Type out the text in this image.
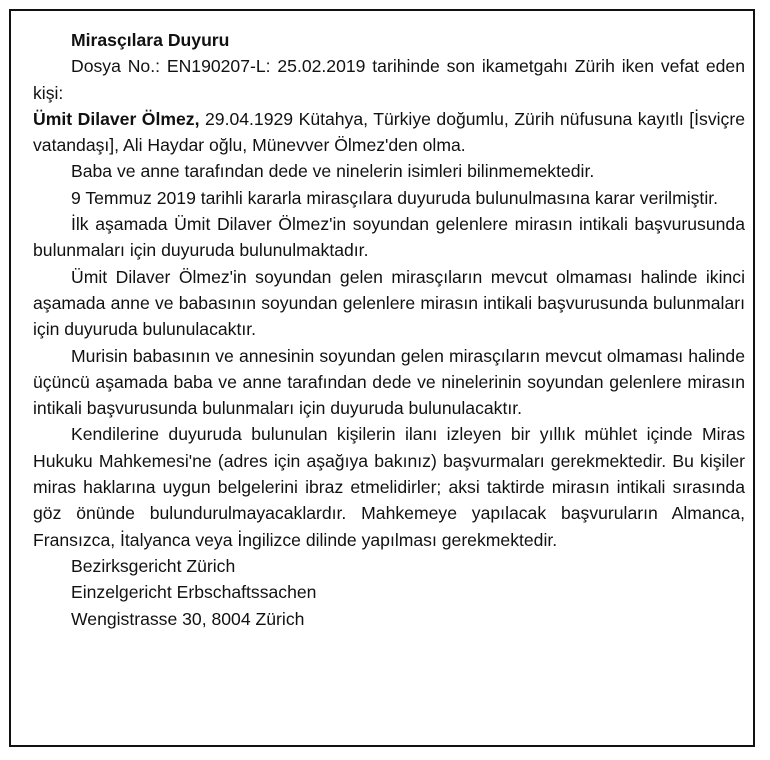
Mirasçılara Duyuru

Dosya No.: EN190207-L: 25.02.2019 tarihinde son ikametgahı Zürih iken vefat eden kişi:

Ümit Dilaver Ölmez, 29.04.1929 Kütahya, Türkiye doğumlu, Zürih nüfusuna kayıtlı [İsviçre vatandaşı], Ali Haydar oğlu, Münevver Ölmez'den olma.

Baba ve anne tarafından dede ve ninelerin isimleri bilinmemektedir.

9 Temmuz 2019 tarihli kararla mirasçılara duyuruda bulunulmasına karar verilmiştir.

İlk aşamada Ümit Dilaver Ölmez'in soyundan gelenlere mirasın intikali başvurusunda bulunmaları için duyuruda bulunulmaktadır.

Ümit Dilaver Ölmez'in soyundan gelen mirasçıların mevcut olmaması halinde ikinci aşamada anne ve babasının soyundan gelenlere mirasın intikali başvurusunda bulunmaları için duyuruda bulunulacaktır.

Murisin babasının ve annesinin soyundan gelen mirasçıların mevcut olmaması halinde üçüncü aşamada baba ve anne tarafından dede ve ninelerinin soyundan gelenlere mirasın intikali başvurusunda bulunmaları için duyuruda bulunulacaktır.

Kendilerine duyuruda bulunulan kişilerin ilanı izleyen bir yıllık mühlet içinde Miras Hukuku Mahkemesi'ne (adres için aşağıya bakınız) başvurmaları gerekmektedir. Bu kişiler miras haklarına uygun belgelerini ibraz etmelidirler; aksi taktirde mirasın intikali sırasında göz önünde bulundurulmayacaklardır. Mahkemeye yapılacak başvuruların Almanca, Fransızca, İtalyanca veya İngilizce dilinde yapılması gerekmektedir.

Bezirksgericht Zürich

Einzelgericht Erbschaftssachen

Wengistrasse 30, 8004 Zürich
